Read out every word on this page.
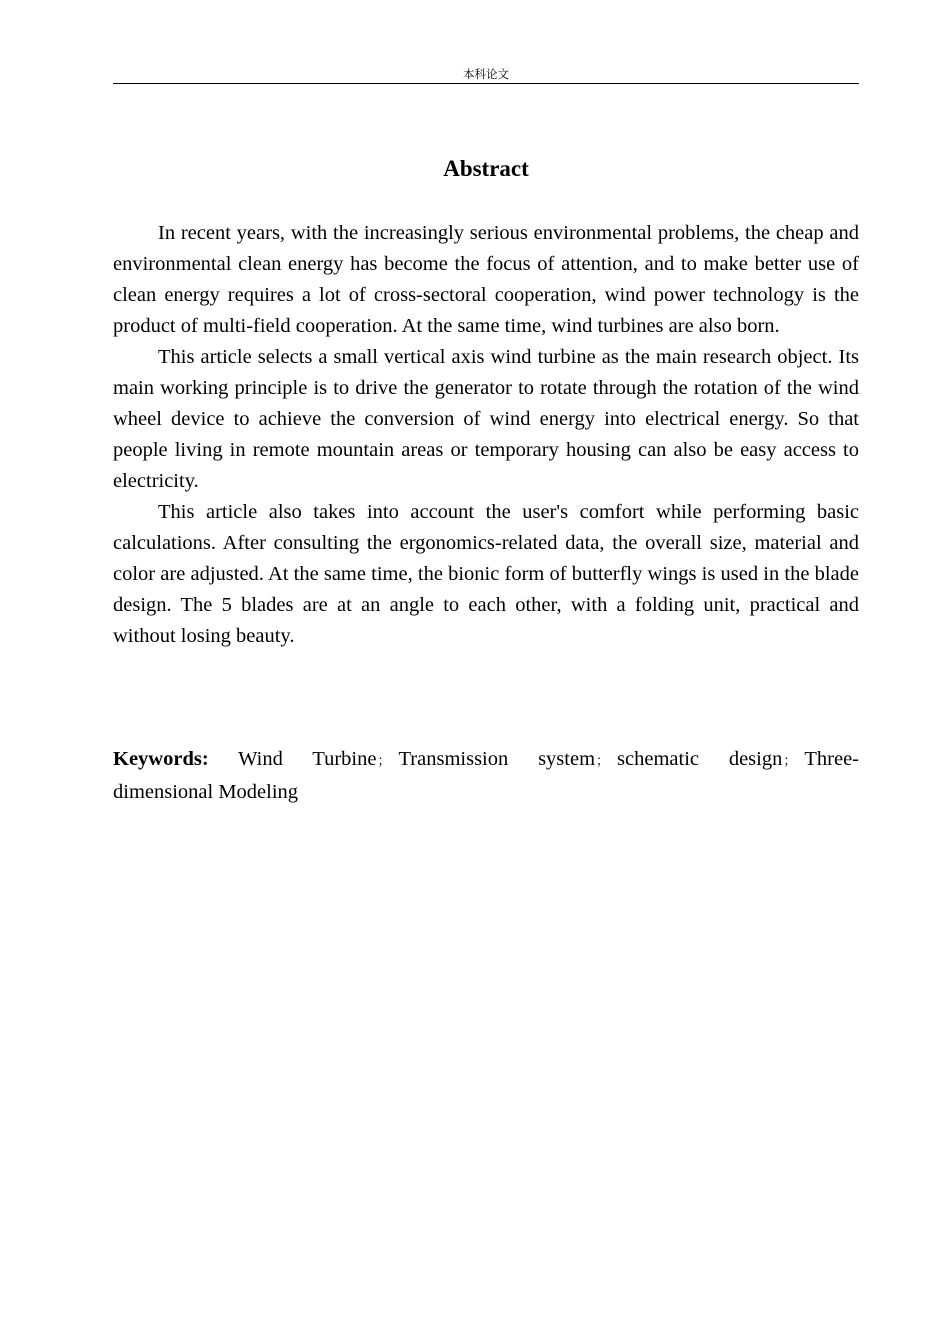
本科论文
Abstract

In recent years, with the increasingly serious environmental problems, the cheap and environmental clean energy has become the focus of attention, and to make better use of clean energy requires a lot of cross-sectoral cooperation, wind power technology is the product of multi-field cooperation. At the same time, wind turbines are also born.

This article selects a small vertical axis wind turbine as the main research object. Its main working principle is to drive the generator to rotate through the rotation of the wind wheel device to achieve the conversion of wind energy into electrical energy. So that people living in remote mountain areas or temporary housing can also be easy access to electricity.

This article also takes into account the user's comfort while performing basic calculations. After consulting the ergonomics-related data, the overall size, material and color are adjusted. At the same time, the bionic form of butterfly wings is used in the blade design. The 5 blades are at an angle to each other, with a folding unit, practical and without losing beauty.

Keywords: Wind Turbine； Transmission system； schematic design； Three-dimensional Modeling
